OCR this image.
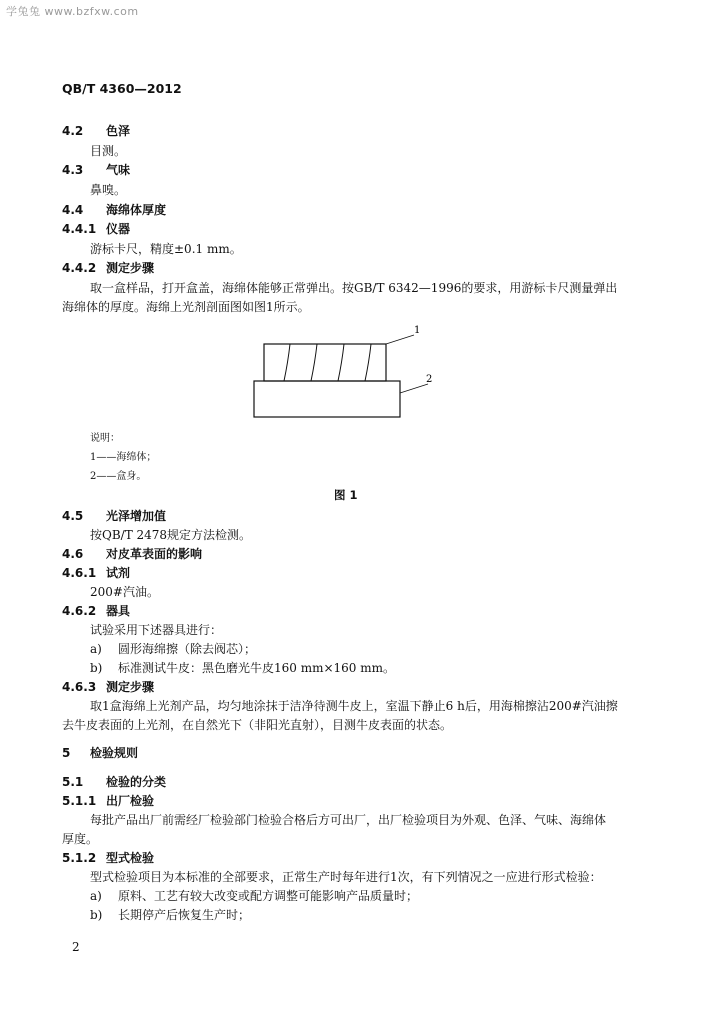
学兔兔 www.bzfxw.com
QB/T 4360—2012
4.2 色泽
目测。
4.3 气味
鼻嗅。
4.4 海绵体厚度
4.4.1 仪器
游标卡尺，精度±0.1 mm。
4.4.2 测定步骤
取一盒样品，打开盒盖，海绵体能够正常弹出。按GB/T 6342—1996的要求，用游标卡尺测量弹出
海绵体的厚度。海绵上光剂剖面图如图1所示。
1
2
说明：
1——海绵体；
2——盒身。
图 1
4.5 光泽增加值
按QB/T 2478规定方法检测。
4.6 对皮革表面的影响
4.6.1 试剂
200#汽油。
4.6.2 器具
试验采用下述器具进行：
a) 圆形海绵擦（除去阀芯）；
b) 标准测试牛皮：黑色磨光牛皮160 mm×160 mm。
4.6.3 测定步骤
取1盒海绵上光剂产品，均匀地涂抹于洁净待测牛皮上，室温下静止6 h后，用海棉擦沾200#汽油擦
去牛皮表面的上光剂，在自然光下（非阳光直射），目测牛皮表面的状态。
5 检验规则
5.1 检验的分类
5.1.1 出厂检验
每批产品出厂前需经厂检验部门检验合格后方可出厂，出厂检验项目为外观、色泽、气味、海绵体
厚度。
5.1.2 型式检验
型式检验项目为本标准的全部要求，正常生产时每年进行1次，有下列情况之一应进行形式检验：
a) 原料、工艺有较大改变或配方调整可能影响产品质量时；
b) 长期停产后恢复生产时；
2
